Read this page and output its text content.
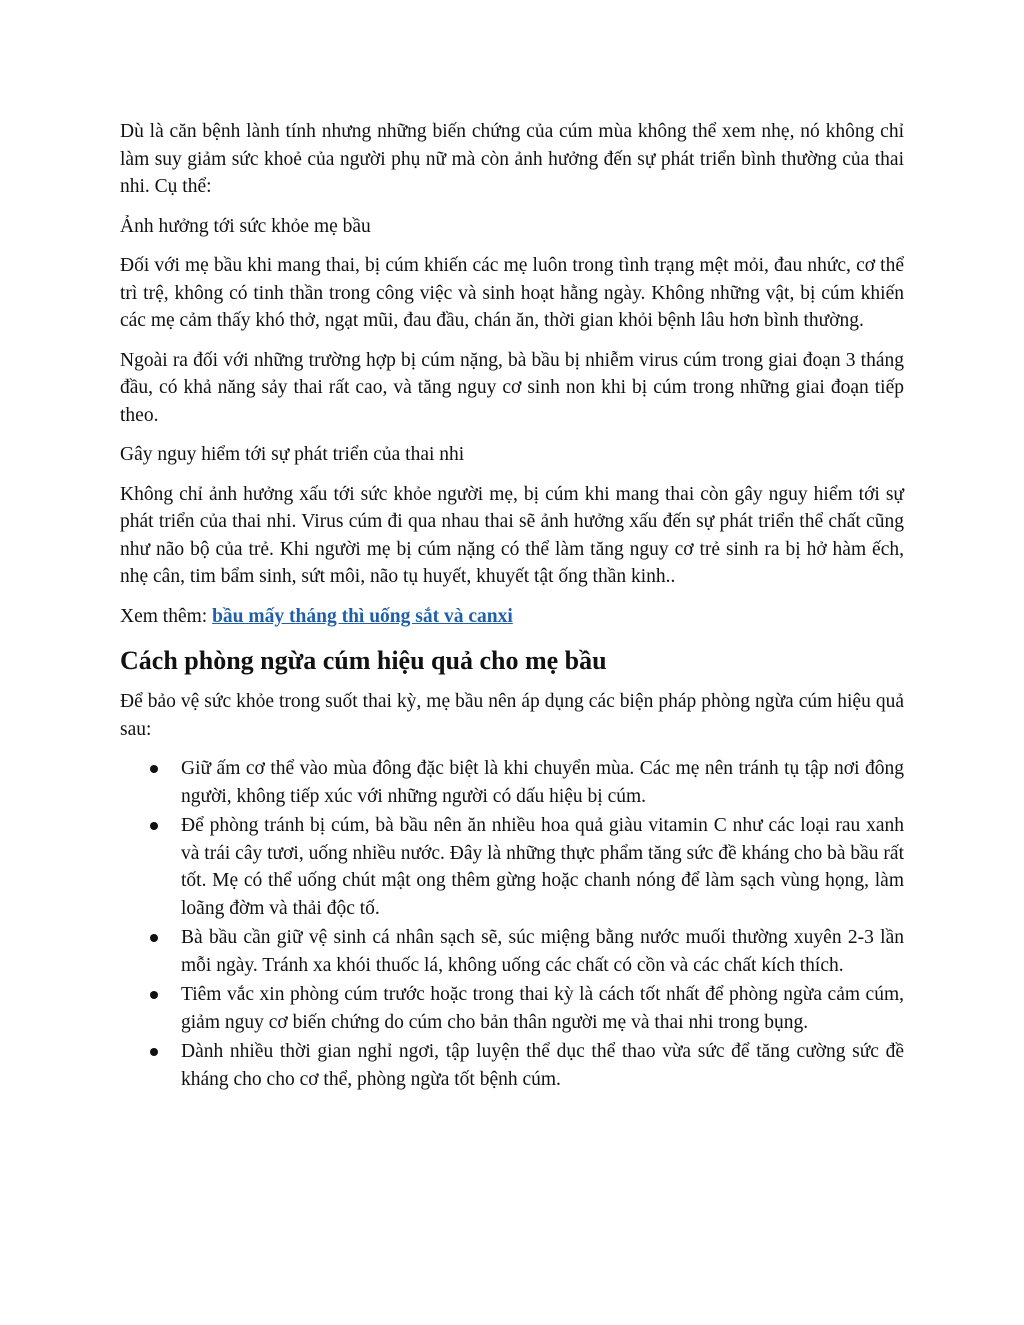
Dù là căn bệnh lành tính nhưng những biến chứng của cúm mùa không thể xem nhẹ, nó không chỉ làm suy giảm sức khoẻ của người phụ nữ mà còn ảnh hưởng đến sự phát triển bình thường của thai nhi. Cụ thể:

Ảnh hưởng tới sức khỏe mẹ bầu

Đối với mẹ bầu khi mang thai, bị cúm khiến các mẹ luôn trong tình trạng mệt mỏi, đau nhức, cơ thể trì trệ, không có tinh thần trong công việc và sinh hoạt hằng ngày. Không những vật, bị cúm khiến các mẹ cảm thấy khó thở, ngạt mũi, đau đầu, chán ăn, thời gian khỏi bệnh lâu hơn bình thường.

Ngoài ra đối với những trường hợp bị cúm nặng, bà bầu bị nhiễm virus cúm trong giai đoạn 3 tháng đầu, có khả năng sảy thai rất cao, và tăng nguy cơ sinh non khi bị cúm trong những giai đoạn tiếp theo.

Gây nguy hiểm tới sự phát triển của thai nhi

Không chỉ ảnh hưởng xấu tới sức khỏe người mẹ, bị cúm khi mang thai còn gây nguy hiểm tới sự phát triển của thai nhi. Virus cúm đi qua nhau thai sẽ ảnh hưởng xấu đến sự phát triển thể chất cũng như não bộ của trẻ. Khi người mẹ bị cúm nặng có thể làm tăng nguy cơ trẻ sinh ra bị hở hàm ếch, nhẹ cân, tim bẩm sinh, sứt môi, não tụ huyết, khuyết tật ống thần kinh..

Xem thêm: bầu mấy tháng thì uống sắt và canxi

Cách phòng ngừa cúm hiệu quả cho mẹ bầu

Để bảo vệ sức khỏe trong suốt thai kỳ, mẹ bầu nên áp dụng các biện pháp phòng ngừa cúm hiệu quả sau:

Giữ ấm cơ thể vào mùa đông đặc biệt là khi chuyển mùa. Các mẹ nên tránh tụ tập nơi đông người, không tiếp xúc với những người có dấu hiệu bị cúm.
Để phòng tránh bị cúm, bà bầu nên ăn nhiều hoa quả giàu vitamin C như các loại rau xanh và trái cây tươi, uống nhiều nước. Đây là những thực phẩm tăng sức đề kháng cho bà bầu rất tốt. Mẹ có thể uống chút mật ong thêm gừng hoặc chanh nóng để làm sạch vùng họng, làm loãng đờm và thải độc tố.
Bà bầu cần giữ vệ sinh cá nhân sạch sẽ, súc miệng bằng nước muối thường xuyên 2-3 lần mỗi ngày. Tránh xa khói thuốc lá, không uống các chất có cồn và các chất kích thích.
Tiêm vắc xin phòng cúm trước hoặc trong thai kỳ là cách tốt nhất để phòng ngừa cảm cúm, giảm nguy cơ biến chứng do cúm cho bản thân người mẹ và thai nhi trong bụng.
Dành nhiều thời gian nghỉ ngơi, tập luyện thể dục thể thao vừa sức để tăng cường sức đề kháng cho cho cơ thể, phòng ngừa tốt bệnh cúm.
